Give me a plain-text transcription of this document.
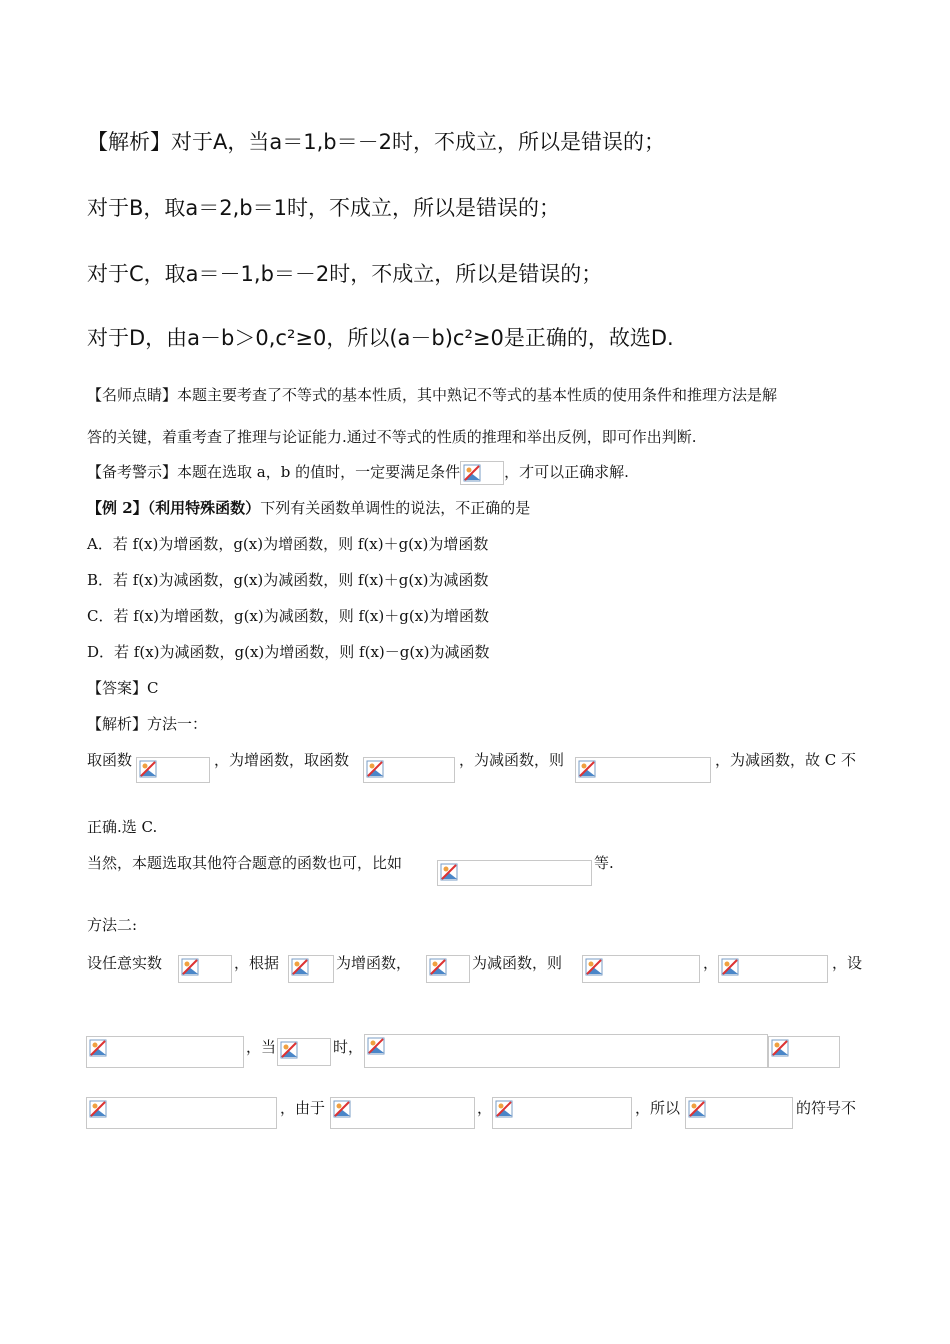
【解析】对于A，当a＝1,b＝－2时，不成立，所以是错误的；
对于B，取a＝2,b＝1时，不成立，所以是错误的；
对于C，取a＝－1,b＝－2时，不成立，所以是错误的；
对于D，由a－b＞0,c²≥0，所以(a－b)c²≥0是正确的，故选D.
【名师点睛】本题主要考查了不等式的基本性质，其中熟记不等式的基本性质的使用条件和推理方法是解
答的关键，着重考查了推理与论证能力.通过不等式的性质的推理和举出反例，即可作出判断.
【备考警示】本题在选取 a，b 的值时，一定要满足条件	，才可以正确求解.
【例 2】（利用特殊函数）下列有关函数单调性的说法，不正确的是
A．若 f(x)为增函数，g(x)为增函数，则 f(x)＋g(x)为增函数
B．若 f(x)为减函数，g(x)为减函数，则 f(x)＋g(x)为减函数
C．若 f(x)为增函数，g(x)为减函数，则 f(x)＋g(x)为增函数
D．若 f(x)为减函数，g(x)为增函数，则 f(x)－g(x)为减函数
【答案】C
【解析】方法一：
取函数	，为增函数，取函数	，为减函数，则	，为减函数，故 C 不
正确.选 C.
当然，本题选取其他符合题意的函数也可，比如	等.
方法二:
设任意实数	，根据	为增函数，	为减函数，则	，	，设
，当	时，
，由于	，	，所以	的符号不
